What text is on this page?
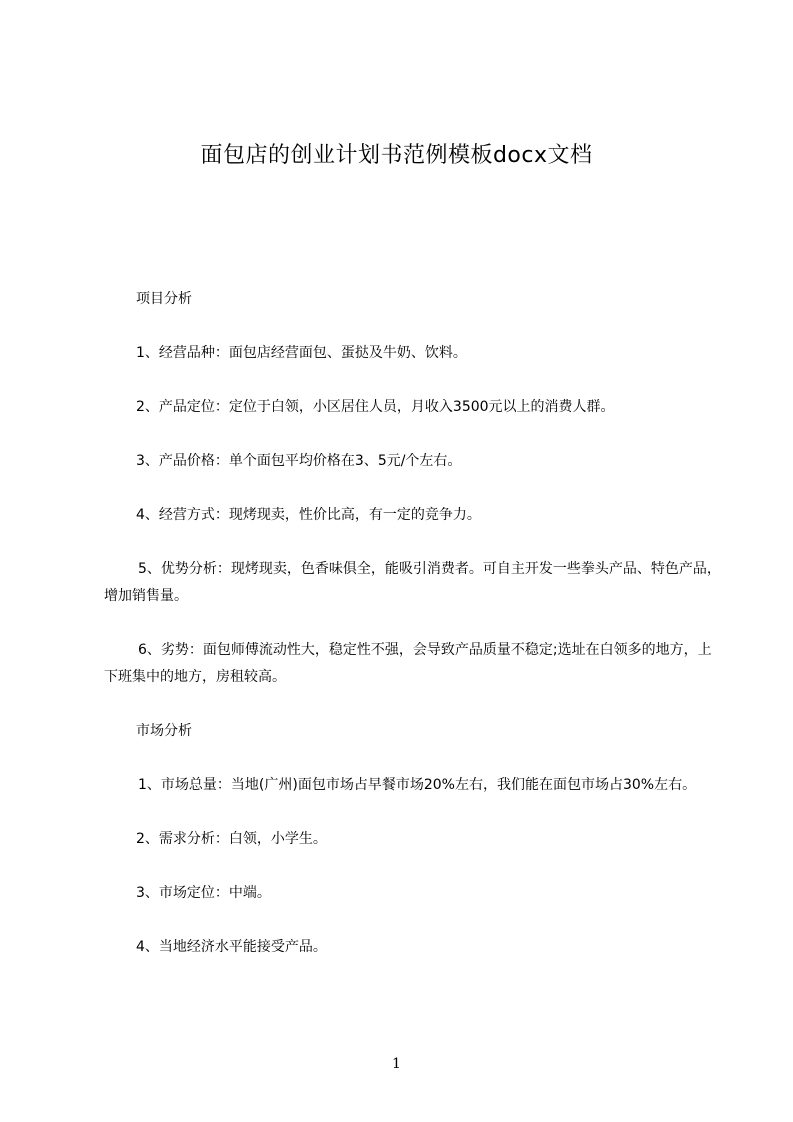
面包店的创业计划书范例模板docx文档

项目分析

1、经营品种：面包店经营面包、蛋挞及牛奶、饮料。

2、产品定位：定位于白领，小区居住人员，月收入3500元以上的消费人群。

3、产品价格：单个面包平均价格在3、5元/个左右。

4、经营方式：现烤现卖，性价比高，有一定的竞争力。

5、优势分析：现烤现卖，色香味俱全，能吸引消费者。可自主开发一些拳头产品、特色产品，增加销售量。

6、劣势：面包师傅流动性大，稳定性不强，会导致产品质量不稳定;选址在白领多的地方，上下班集中的地方，房租较高。

市场分析

1、市场总量：当地(广州)面包市场占早餐市场20%左右，我们能在面包市场占30%左右。

2、需求分析：白领，小学生。

3、市场定位：中端。

4、当地经济水平能接受产品。

1
